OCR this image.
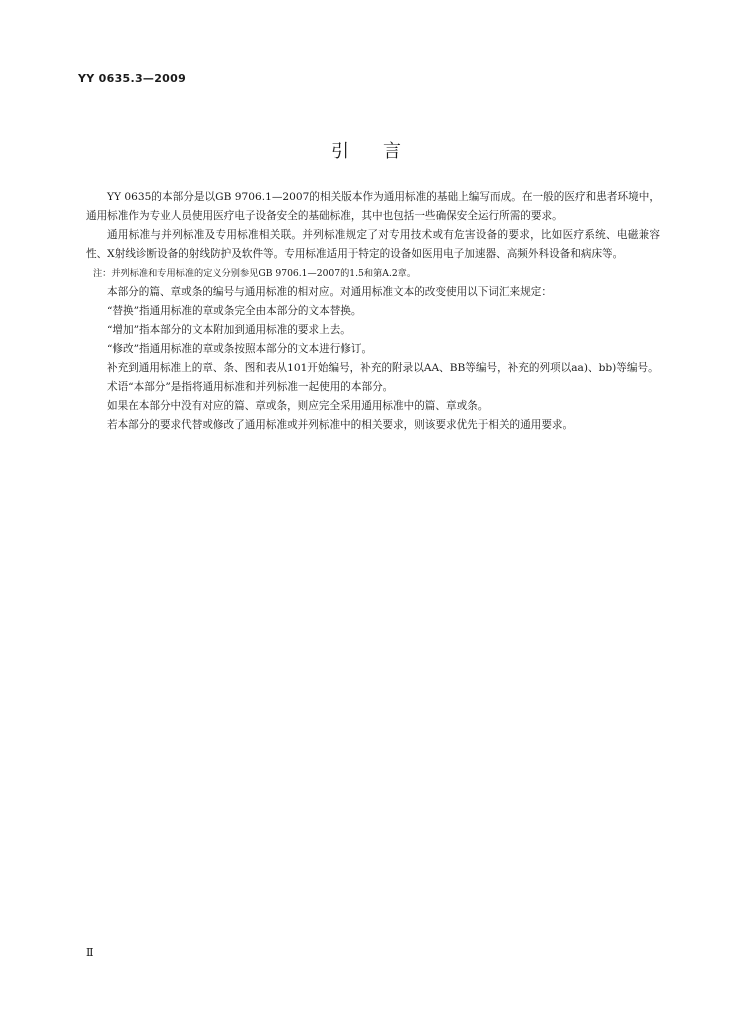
YY 0635.3—2009
引言

YY 0635的本部分是以GB 9706.1—2007的相关版本作为通用标准的基础上编写而成。在一般的医疗和患者环境中，通用标准作为专业人员使用医疗电子设备安全的基础标准，其中也包括一些确保安全运行所需的要求。

通用标准与并列标准及专用标准相关联。并列标准规定了对专用技术或有危害设备的要求，比如医疗系统、电磁兼容性、X射线诊断设备的射线防护及软件等。专用标准适用于特定的设备如医用电子加速器、高频外科设备和病床等。

注：并列标准和专用标准的定义分别参见GB 9706.1—2007的1.5和第A.2章。

本部分的篇、章或条的编号与通用标准的相对应。对通用标准文本的改变使用以下词汇来规定：

“替换”指通用标准的章或条完全由本部分的文本替换。

“增加”指本部分的文本附加到通用标准的要求上去。

“修改”指通用标准的章或条按照本部分的文本进行修订。

补充到通用标准上的章、条、图和表从101开始编号，补充的附录以AA、BB等编号，补充的列项以aa)、bb)等编号。

术语“本部分”是指将通用标准和并列标准一起使用的本部分。

如果在本部分中没有对应的篇、章或条，则应完全采用通用标准中的篇、章或条。

若本部分的要求代替或修改了通用标准或并列标准中的相关要求，则该要求优先于相关的通用要求。

Ⅱ
